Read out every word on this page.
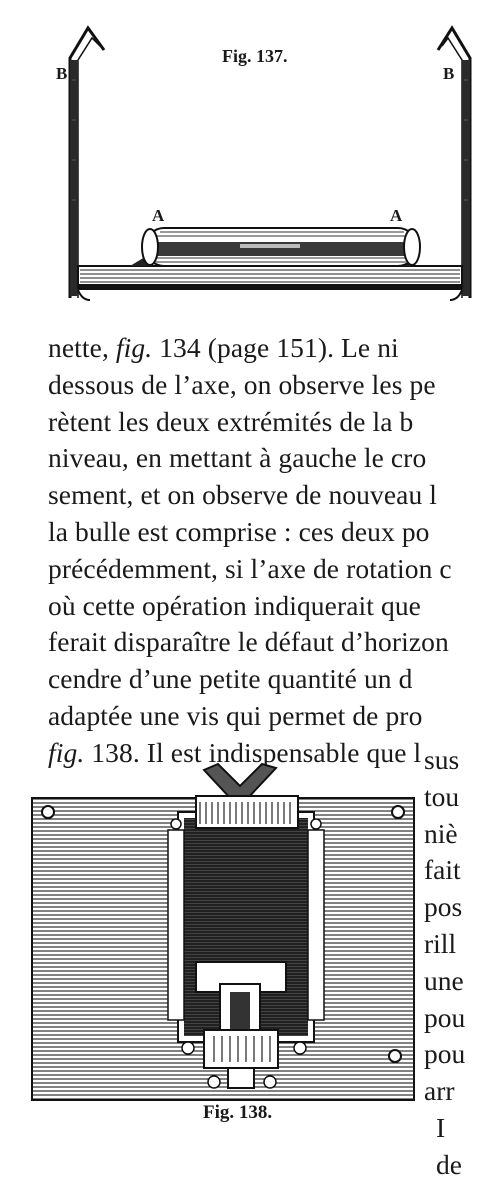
Fig. 137.
B	B
A	A
nette, fig. 134 (page 151). Le ni
dessous de l’axe, on observe les pe
rètent les deux extrémités de la b
niveau, en mettant à gauche le cro
sement, et on observe de nouveau l
la bulle est comprise : ces deux po
précédemment, si l’axe de rotation c
où cette opération indiquerait que
ferait disparaître le défaut d’horizon
cendre d’une petite quantité un d
adaptée une vis qui permet de pro
fig. 138. Il est indispensable que l
Fig. 138.
sus
tou
niè
fait
pos
rill
une
pou
pou
arr
I
de
